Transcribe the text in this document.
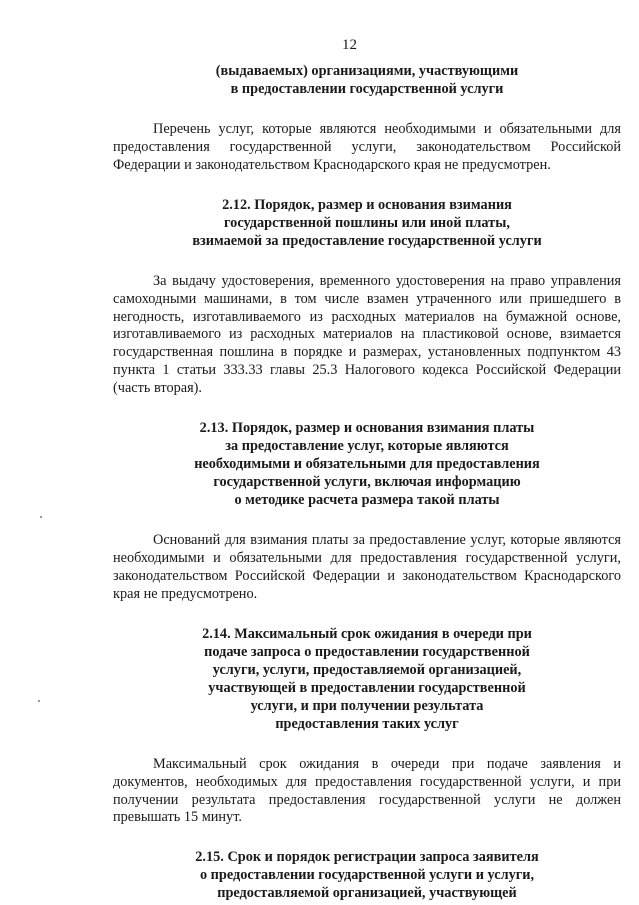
12
(выдаваемых) организациями, участвующими
в предоставлении государственной услуги

Перечень услуг, которые являются необходимыми и обязательными для предоставления государственной услуги, законодательством Российской Федерации и законодательством Краснодарского края не предусмотрен.

2.12. Порядок, размер и основания взимания
государственной пошлины или иной платы,
взимаемой за предоставление государственной услуги

За выдачу удостоверения, временного удостоверения на право управления самоходными машинами, в том числе взамен утраченного или пришедшего в негодность, изготавливаемого из расходных материалов на бумажной основе, изготавливаемого из расходных материалов на пластиковой основе, взимается государственная пошлина в порядке и размерах, установленных подпунктом 43 пункта 1 статьи 333.33 главы 25.3 Налогового кодекса Российской Федерации (часть вторая).

2.13. Порядок, размер и основания взимания платы
за предоставление услуг, которые являются
необходимыми и обязательными для предоставления
государственной услуги, включая информацию
о методике расчета размера такой платы

Оснований для взимания платы за предоставление услуг, которые являются необходимыми и обязательными для предоставления государственной услуги, законодательством Российской Федерации и законодательством Краснодарского края не предусмотрено.

2.14. Максимальный срок ожидания в очереди при
подаче запроса о предоставлении государственной
услуги, услуги, предоставляемой организацией,
участвующей в предоставлении государственной
услуги, и при получении результата
предоставления таких услуг

Максимальный срок ожидания в очереди при подаче заявления и документов, необходимых для предоставления государственной услуги, и при получении результата предоставления государственной услуги не должен превышать 15 минут.

2.15. Срок и порядок регистрации запроса заявителя
о предоставлении государственной услуги и услуги,
предоставляемой организацией, участвующей
